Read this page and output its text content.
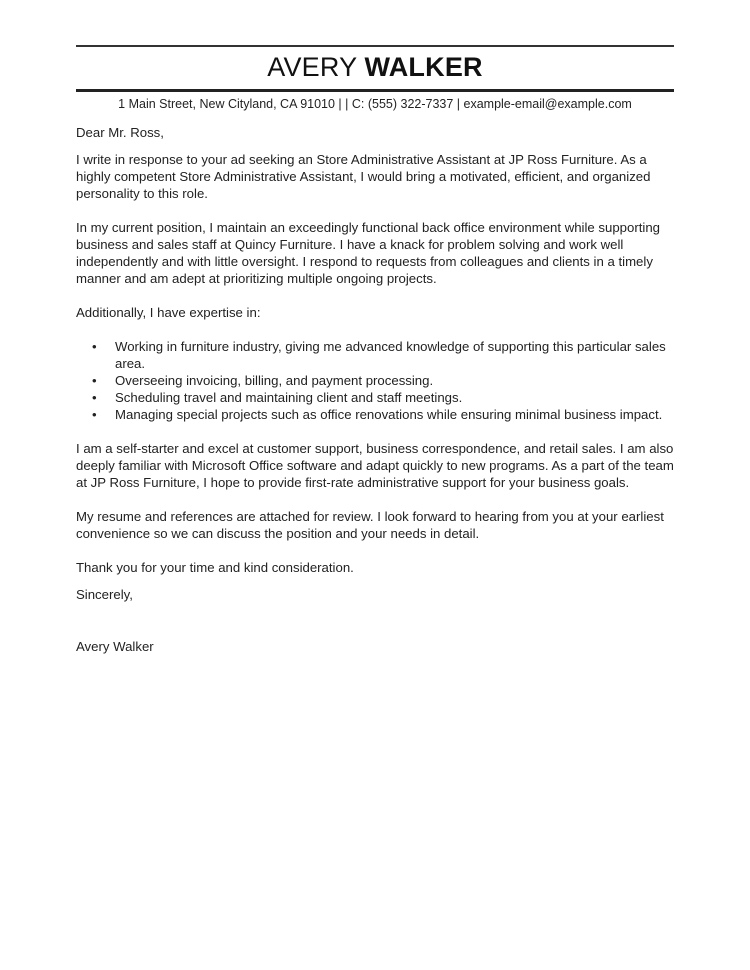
AVERY WALKER
1 Main Street, New Cityland, CA 91010 | | C: (555) 322-7337 | example-email@example.com

Dear Mr. Ross,

I write in response to your ad seeking an Store Administrative Assistant at JP Ross Furniture. As a highly competent Store Administrative Assistant, I would bring a motivated, efficient, and organized personality to this role.

In my current position, I maintain an exceedingly functional back office environment while supporting business and sales staff at Quincy Furniture. I have a knack for problem solving and work well independently and with little oversight. I respond to requests from colleagues and clients in a timely manner and am adept at prioritizing multiple ongoing projects.

Additionally, I have expertise in:

• Working in furniture industry, giving me advanced knowledge of supporting this particular sales area.
• Overseeing invoicing, billing, and payment processing.
• Scheduling travel and maintaining client and staff meetings.
• Managing special projects such as office renovations while ensuring minimal business impact.

I am a self-starter and excel at customer support, business correspondence, and retail sales. I am also deeply familiar with Microsoft Office software and adapt quickly to new programs. As a part of the team at JP Ross Furniture, I hope to provide first-rate administrative support for your business goals.

My resume and references are attached for review. I look forward to hearing from you at your earliest convenience so we can discuss the position and your needs in detail.

Thank you for your time and kind consideration.

Sincerely,

Avery Walker
